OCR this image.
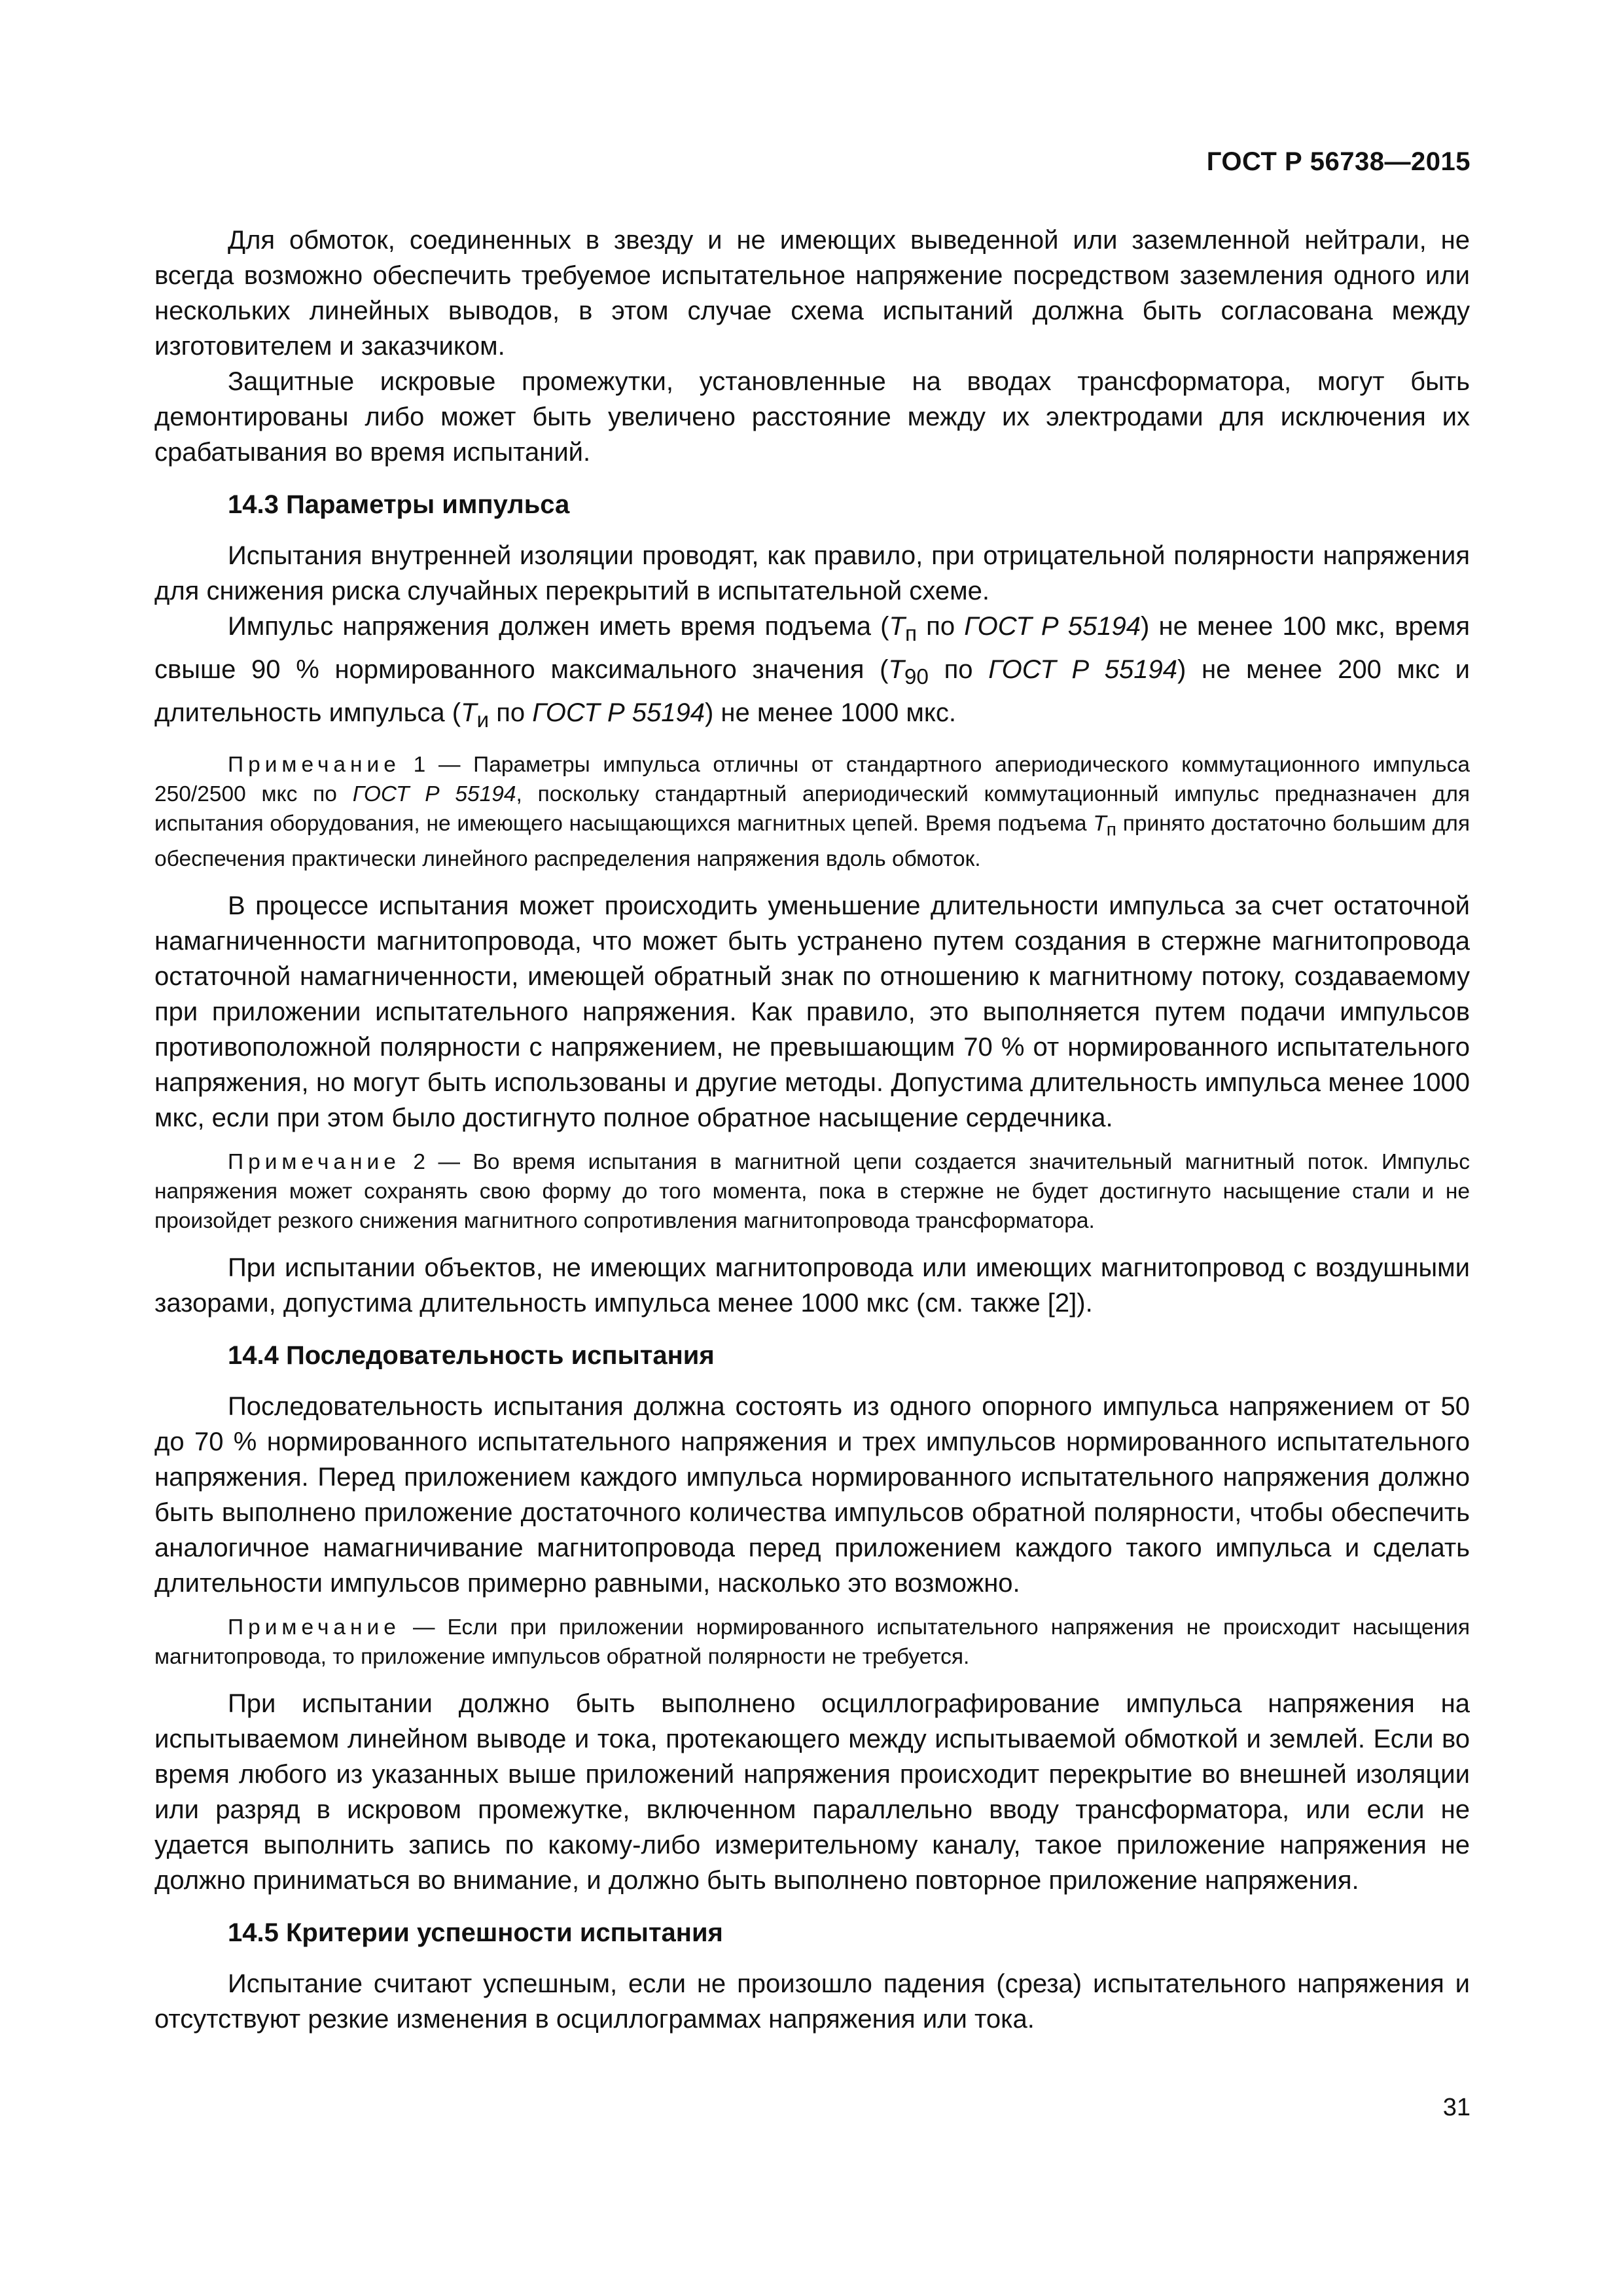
ГОСТ Р 56738—2015

Для обмоток, соединенных в звезду и не имеющих выведенной или заземленной нейтрали, не всегда возможно обеспечить требуемое испытательное напряжение посредством заземления одного или нескольких линейных выводов, в этом случае схема испытаний должна быть согласована между изготовителем и заказчиком.

Защитные искровые промежутки, установленные на вводах трансформатора, могут быть демонтированы либо может быть увеличено расстояние между их электродами для исключения их срабатывания во время испытаний.

14.3 Параметры импульса

Испытания внутренней изоляции проводят, как правило, при отрицательной полярности напряжения для снижения риска случайных перекрытий в испытательной схеме.

Импульс напряжения должен иметь время подъема ($T_п$ по ГОСТ Р 55194) не менее 100 мкс, время свыше 90 % нормированного максимального значения ($T_{90}$ по ГОСТ Р 55194) не менее 200 мкс и длительность импульса ($T_и$ по ГОСТ Р 55194) не менее 1000 мкс.

Примечание 1 — Параметры импульса отличны от стандартного апериодического коммутационного импульса 250/2500 мкс по ГОСТ Р 55194, поскольку стандартный апериодический коммутационный импульс предназначен для испытания оборудования, не имеющего насыщающихся магнитных цепей. Время подъема $T_п$ принято достаточно большим для обеспечения практически линейного распределения напряжения вдоль обмоток.

В процессе испытания может происходить уменьшение длительности импульса за счет остаточной намагниченности магнитопровода, что может быть устранено путем создания в стержне магнитопровода остаточной намагниченности, имеющей обратный знак по отношению к магнитному потоку, создаваемому при приложении испытательного напряжения. Как правило, это выполняется путем подачи импульсов противоположной полярности с напряжением, не превышающим 70 % от нормированного испытательного напряжения, но могут быть использованы и другие методы. Допустима длительность импульса менее 1000 мкс, если при этом было достигнуто полное обратное насыщение сердечника.

Примечание 2 — Во время испытания в магнитной цепи создается значительный магнитный поток. Импульс напряжения может сохранять свою форму до того момента, пока в стержне не будет достигнуто насыщение стали и не произойдет резкого снижения магнитного сопротивления магнитопровода трансформатора.

При испытании объектов, не имеющих магнитопровода или имеющих магнитопровод с воздушными зазорами, допустима длительность импульса менее 1000 мкс (см. также [2]).

14.4 Последовательность испытания

Последовательность испытания должна состоять из одного опорного импульса напряжением от 50 до 70 % нормированного испытательного напряжения и трех импульсов нормированного испытательного напряжения. Перед приложением каждого импульса нормированного испытательного напряжения должно быть выполнено приложение достаточного количества импульсов обратной полярности, чтобы обеспечить аналогичное намагничивание магнитопровода перед приложением каждого такого импульса и сделать длительности импульсов примерно равными, насколько это возможно.

Примечание — Если при приложении нормированного испытательного напряжения не происходит насыщения магнитопровода, то приложение импульсов обратной полярности не требуется.

При испытании должно быть выполнено осциллографирование импульса напряжения на испытываемом линейном выводе и тока, протекающего между испытываемой обмоткой и землей. Если во время любого из указанных выше приложений напряжения происходит перекрытие во внешней изоляции или разряд в искровом промежутке, включенном параллельно вводу трансформатора, или если не удается выполнить запись по какому-либо измерительному каналу, такое приложение напряжения не должно приниматься во внимание, и должно быть выполнено повторное приложение напряжения.

14.5 Критерии успешности испытания

Испытание считают успешным, если не произошло падения (среза) испытательного напряжения и отсутствуют резкие изменения в осциллограммах напряжения или тока.

31
